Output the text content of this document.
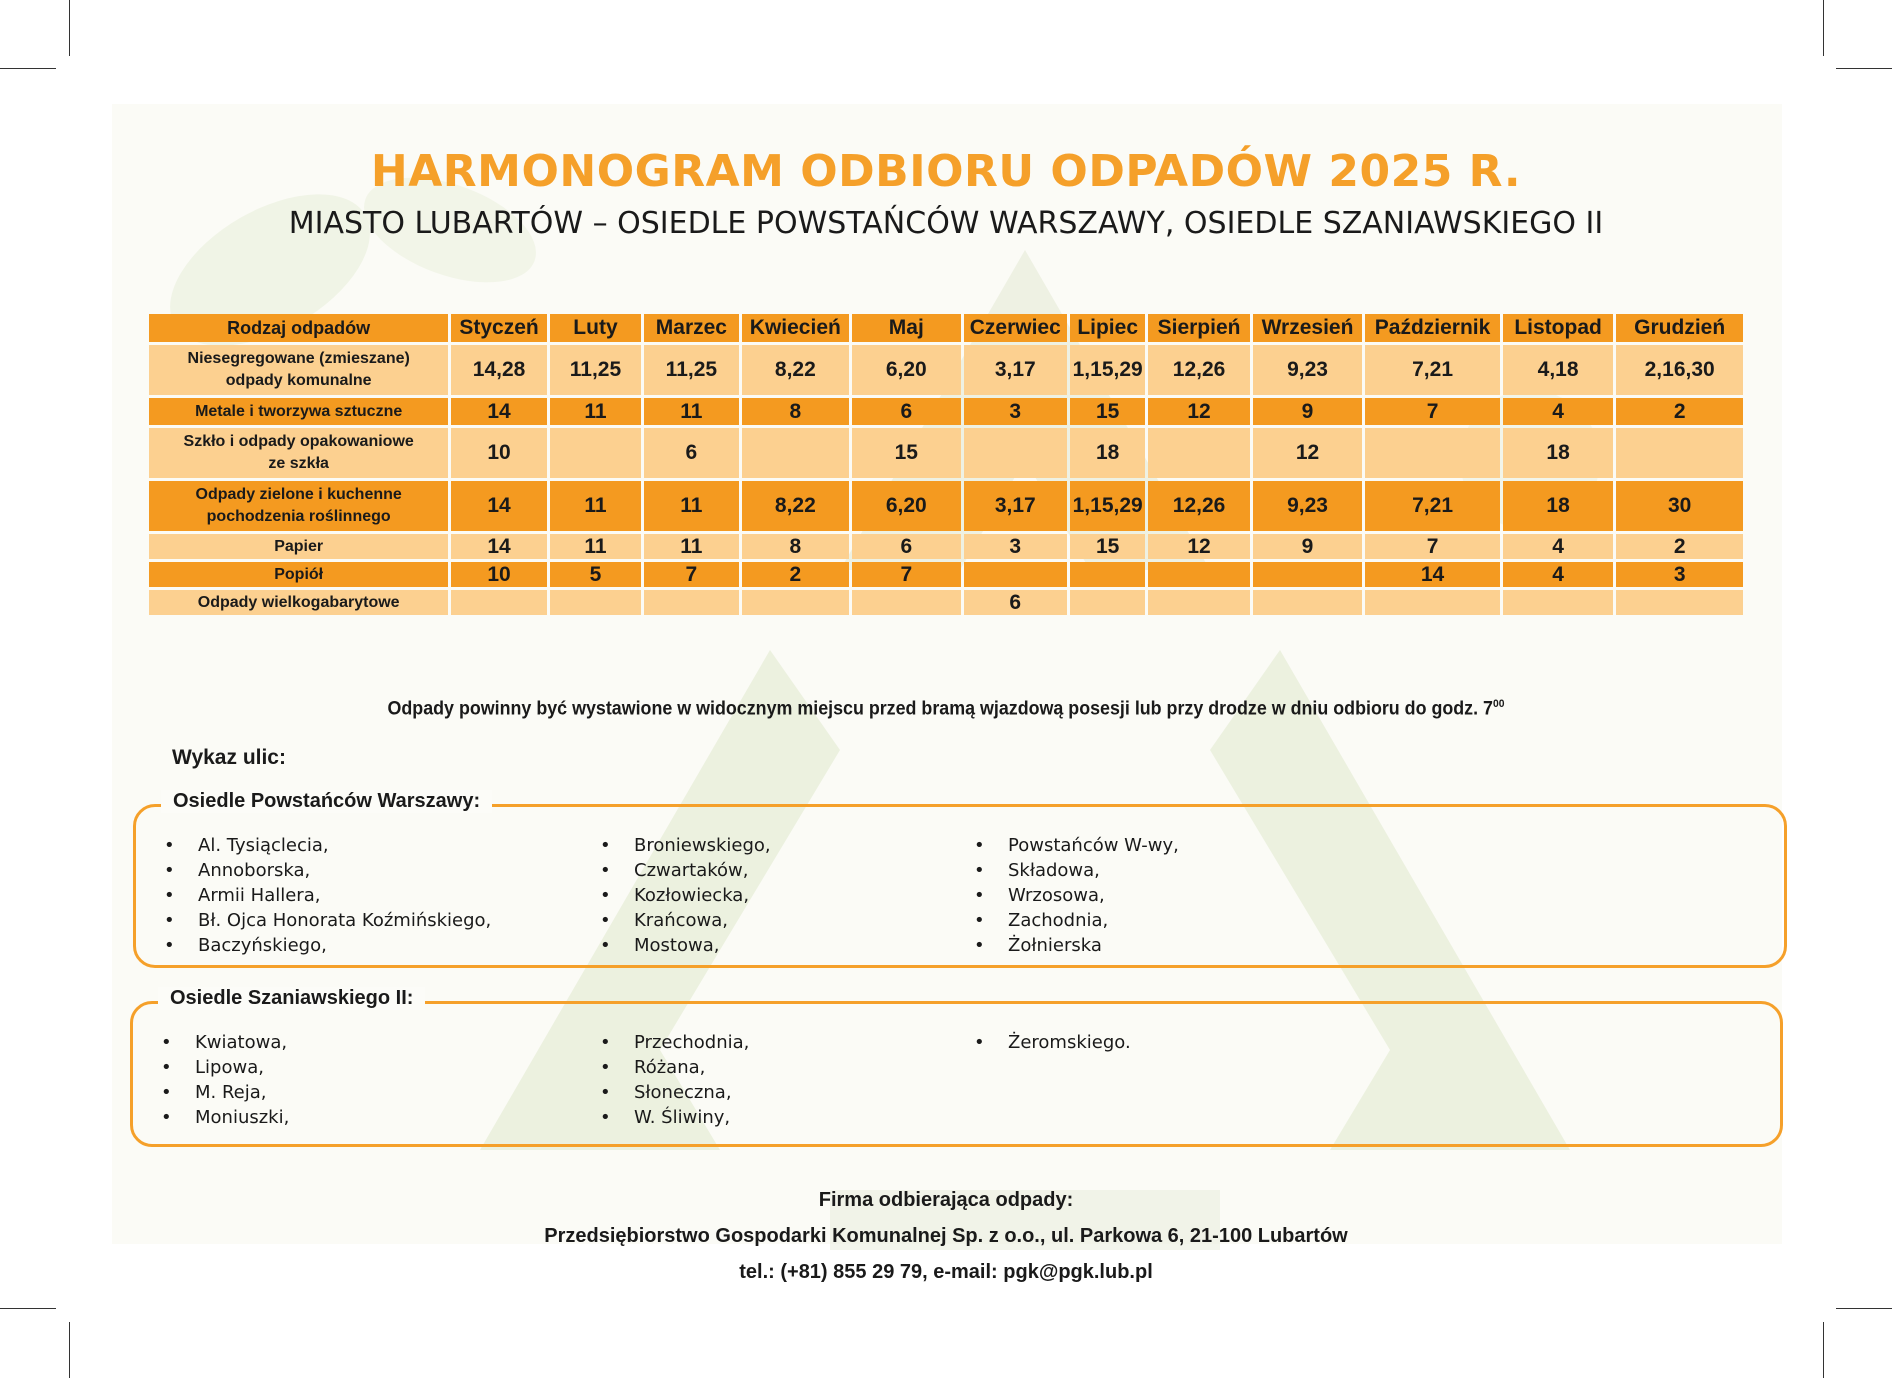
HARMONOGRAM ODBIORU ODPADÓW 2025 R.
MIASTO LUBARTÓW – OSIEDLE POWSTAŃCÓW WARSZAWY, OSIEDLE SZANIAWSKIEGO II
Rodzaj odpadów	Styczeń	Luty	Marzec	Kwiecień	Maj	Czerwiec	Lipiec	Sierpień	Wrzesień	Październik	Listopad	Grudzień
Niesegregowane (zmieszane)
odpady komunalne	14,28	11,25	11,25	8,22	6,20	3,17	1,15,29	12,26	9,23	7,21	4,18	2,16,30
Metale i tworzywa sztuczne	14	11	11	8	6	3	15	12	9	7	4	2
Szkło i odpady opakowaniowe
ze szkła	10		6		15		18		12		18	
Odpady zielone i kuchenne
pochodzenia roślinnego	14	11	11	8,22	6,20	3,17	1,15,29	12,26	9,23	7,21	18	30
Papier	14	11	11	8	6	3	15	12	9	7	4	2
Popiół	10	5	7	2	7					14	4	3
Odpady wielkogabarytowe						6						
Odpady powinny być wystawione w widocznym miejscu przed bramą wjazdową posesji lub przy drodze w dniu odbioru do godz. $7^{00}$
Wykaz ulic:
Osiedle Powstańców Warszawy:
• Al. Tysiąclecia,
• Annoborska,
• Armii Hallera,
• Bł. Ojca Honorata Koźmińskiego,
• Baczyńskiego,
• Broniewskiego,
• Czwartaków,
• Kozłowiecka,
• Krańcowa,
• Mostowa,
• Powstańców W-wy,
• Składowa,
• Wrzosowa,
• Zachodnia,
• Żołnierska
Osiedle Szaniawskiego II:
• Kwiatowa,
• Lipowa,
• M. Reja,
• Moniuszki,
• Przechodnia,
• Różana,
• Słoneczna,
• W. Śliwiny,
• Żeromskiego.
Firma odbierająca odpady:
Przedsiębiorstwo Gospodarki Komunalnej Sp. z o.o., ul. Parkowa 6, 21-100 Lubartów
tel.: (+81) 855 29 79, e-mail: pgk@pgk.lub.pl
